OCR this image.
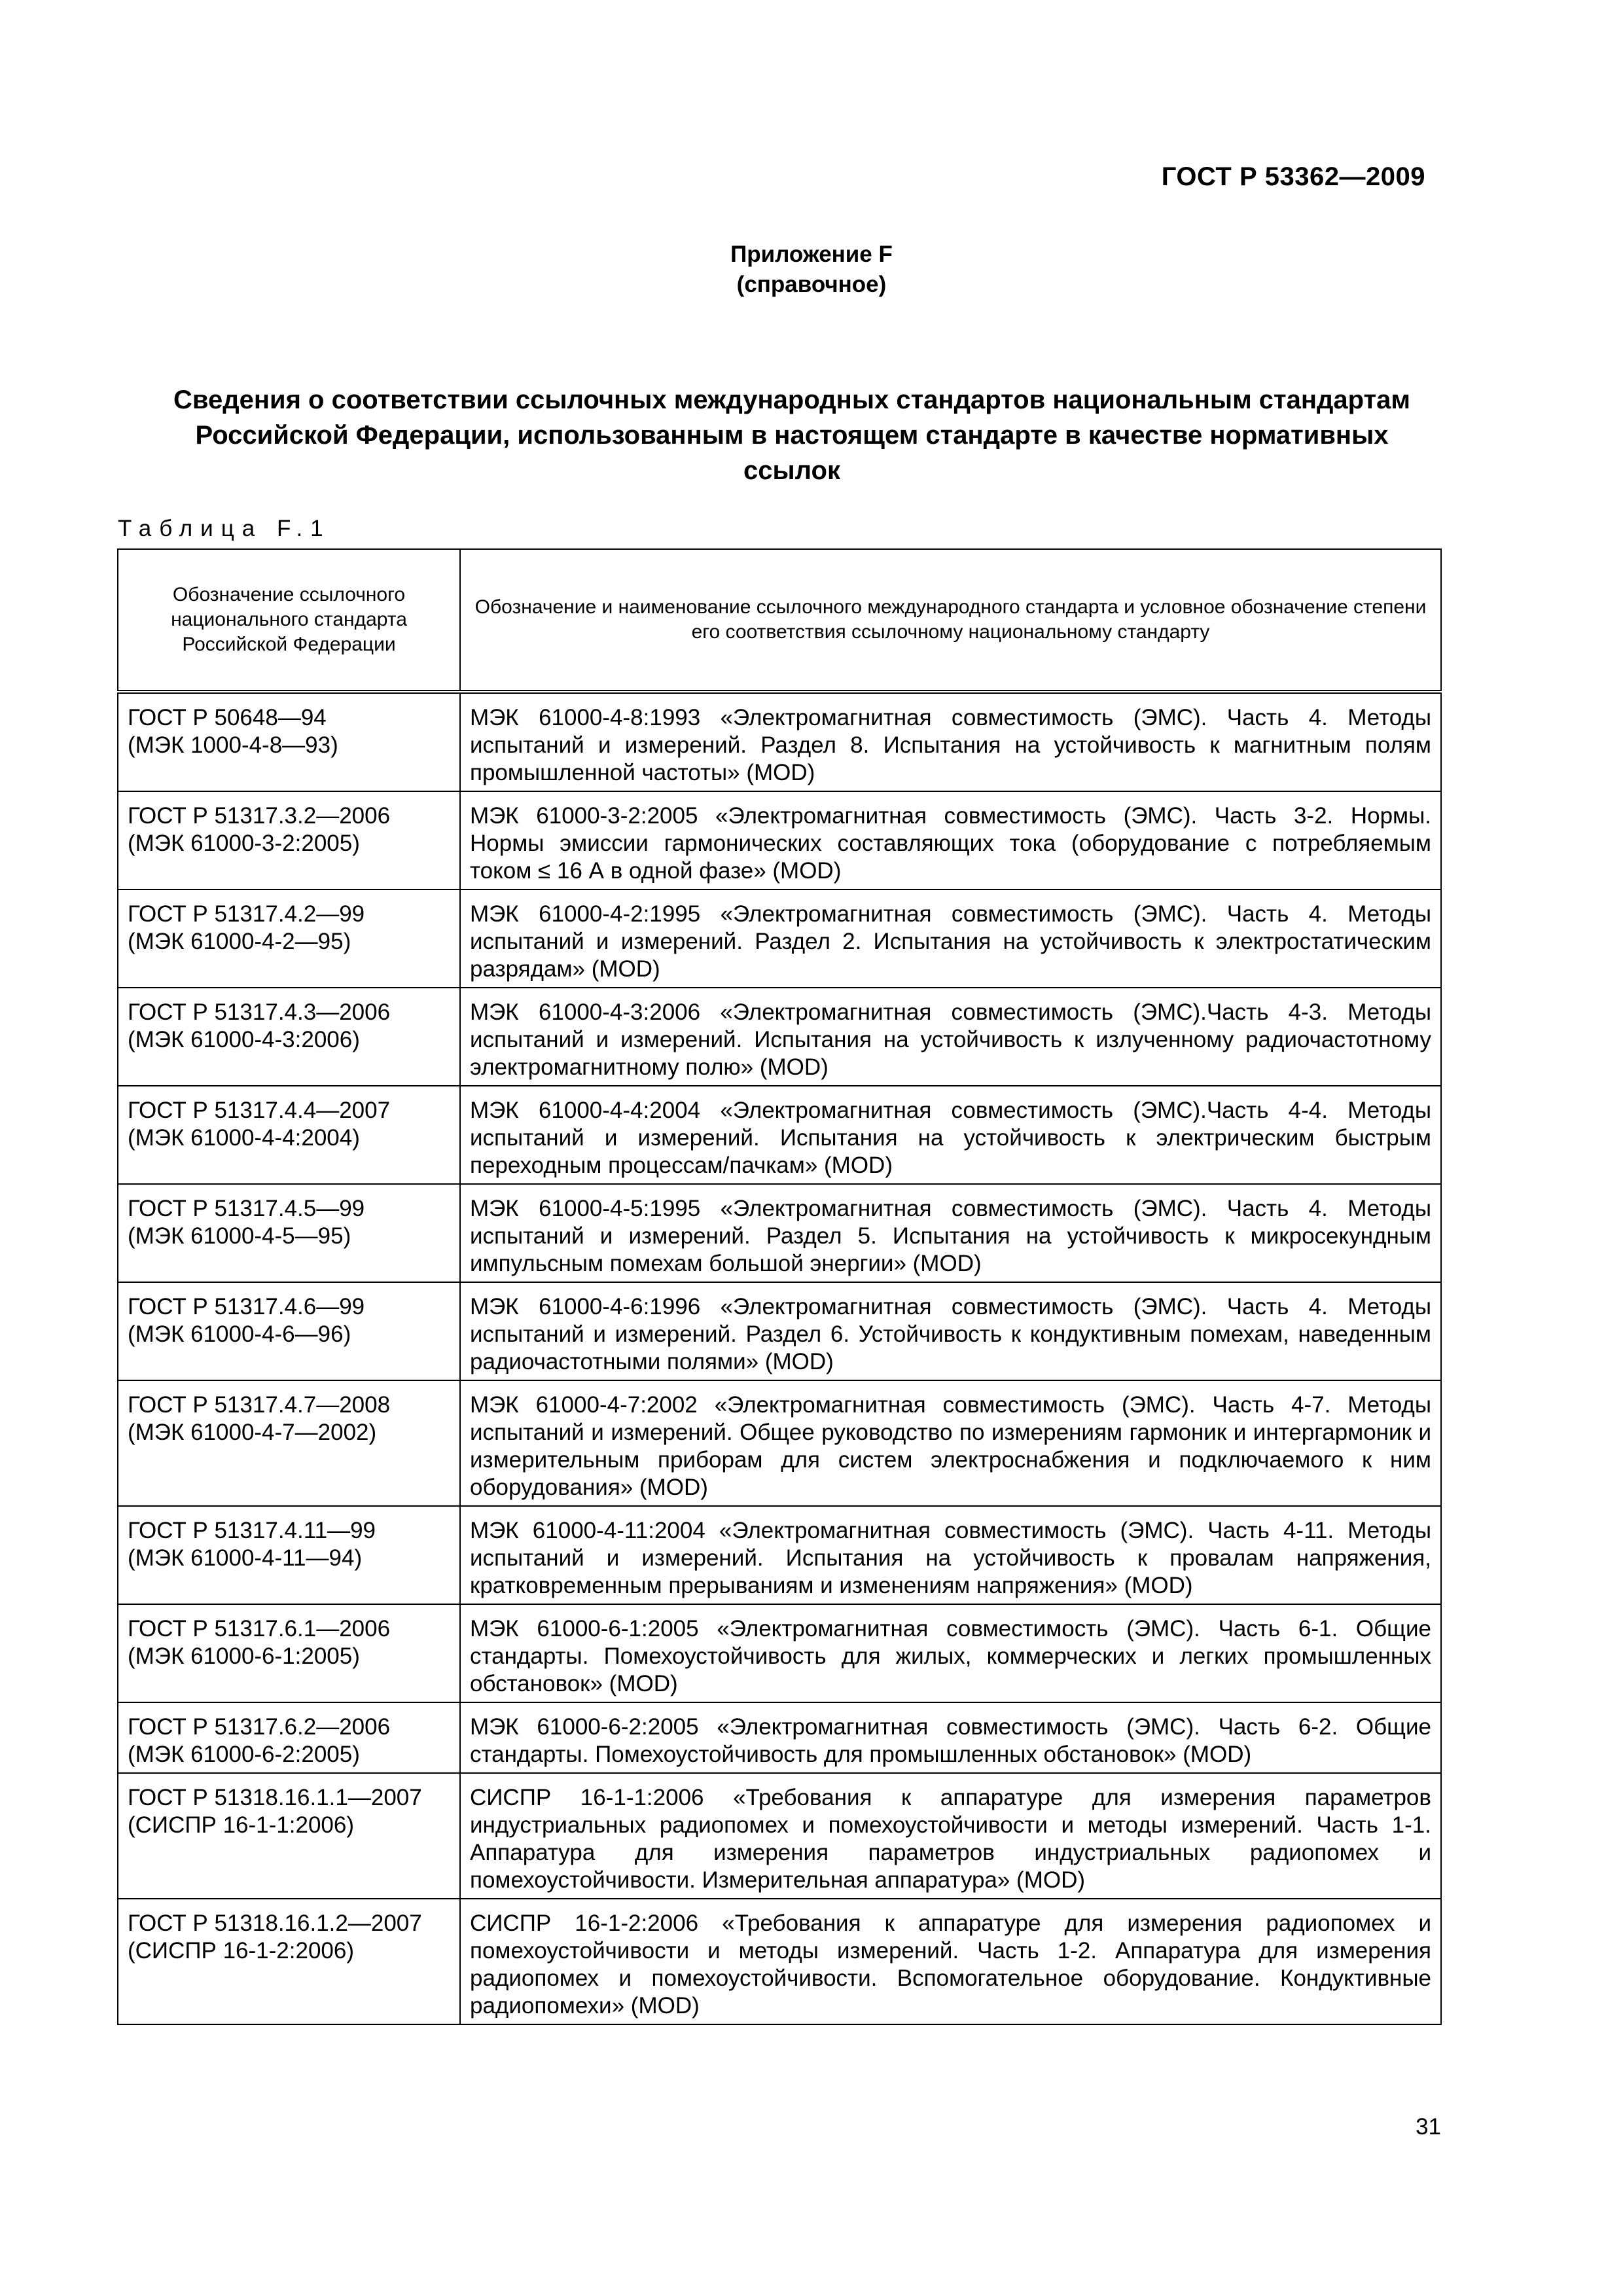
ГОСТ Р 53362—2009
Приложение F
(справочное)
Сведения о соответствии ссылочных международных стандартов национальным стандартам
Российской Федерации, использованным в настоящем стандарте в качестве нормативных
ссылок
Таблица F.1
Обозначение ссылочного национального стандарта Российской Федерации	Обозначение и наименование ссылочного международного стандарта и условное обозначение степени его соответствия ссылочному национальному стандарту

ГОСТ Р 50648—94
(МЭК 1000-4-8—93)	МЭК 61000-4-8:1993 «Электромагнитная совместимость (ЭМС). Часть 4. Методы испытаний и измерений. Раздел 8. Испытания на устойчивость к магнитным полям промышленной частоты» (MOD)

ГОСТ Р 51317.3.2—2006
(МЭК 61000-3-2:2005)	МЭК 61000-3-2:2005 «Электромагнитная совместимость (ЭМС). Часть 3-2. Нормы. Нормы эмиссии гармонических составляющих тока (оборудование с потребляемым током ≤ 16 А в одной фазе» (MOD)

ГОСТ Р 51317.4.2—99
(МЭК 61000-4-2—95)	МЭК 61000-4-2:1995 «Электромагнитная совместимость (ЭМС). Часть 4. Методы испытаний и измерений. Раздел 2. Испытания на устойчивость к электростатическим разрядам» (MOD)

ГОСТ Р 51317.4.3—2006
(МЭК 61000-4-3:2006)	МЭК 61000-4-3:2006 «Электромагнитная совместимость (ЭМС).Часть 4-3. Методы испытаний и измерений. Испытания на устойчивость к излученному радиочастотному электромагнитному полю» (MOD)

ГОСТ Р 51317.4.4—2007
(МЭК 61000-4-4:2004)	МЭК 61000-4-4:2004 «Электромагнитная совместимость (ЭМС).Часть 4-4. Методы испытаний и измерений. Испытания на устойчивость к электрическим быстрым переходным процессам/пачкам» (MOD)

ГОСТ Р 51317.4.5—99
(МЭК 61000-4-5—95)	МЭК 61000-4-5:1995 «Электромагнитная совместимость (ЭМС). Часть 4. Методы испытаний и измерений. Раздел 5. Испытания на устойчивость к микросекундным импульсным помехам большой энергии» (MOD)

ГОСТ Р 51317.4.6—99
(МЭК 61000-4-6—96)	МЭК 61000-4-6:1996 «Электромагнитная совместимость (ЭМС). Часть 4. Методы испытаний и измерений. Раздел 6. Устойчивость к кондуктивным помехам, наведенным радиочастотными полями» (MOD)

ГОСТ Р 51317.4.7—2008
(МЭК 61000-4-7—2002)	МЭК 61000-4-7:2002 «Электромагнитная совместимость (ЭМС). Часть 4-7. Методы испытаний и измерений. Общее руководство по измерениям гармоник и интергармоник и измерительным приборам для систем электроснабжения и подключаемого к ним оборудования» (MOD)

ГОСТ Р 51317.4.11—99
(МЭК 61000-4-11—94)	МЭК 61000-4-11:2004 «Электромагнитная совместимость (ЭМС). Часть 4-11. Методы испытаний и измерений. Испытания на устойчивость к провалам напряжения, кратковременным прерываниям и изменениям напряжения» (MOD)

ГОСТ Р 51317.6.1—2006
(МЭК 61000-6-1:2005)	МЭК 61000-6-1:2005 «Электромагнитная совместимость (ЭМС). Часть 6-1. Общие стандарты. Помехоустойчивость для жилых, коммерческих и легких промышленных обстановок» (MOD)

ГОСТ Р 51317.6.2—2006
(МЭК 61000-6-2:2005)	МЭК 61000-6-2:2005 «Электромагнитная совместимость (ЭМС). Часть 6-2. Общие стандарты. Помехоустойчивость для промышленных обстановок» (MOD)

ГОСТ Р 51318.16.1.1—2007
(СИСПР 16-1-1:2006)	СИСПР 16-1-1:2006 «Требования к аппаратуре для измерения параметров индустриальных радиопомех и помехоустойчивости и методы измерений. Часть 1-1. Аппаратура для измерения параметров индустриальных радиопомех и помехоустойчивости. Измерительная аппаратура» (MOD)

ГОСТ Р 51318.16.1.2—2007
(СИСПР 16-1-2:2006)	СИСПР 16-1-2:2006 «Требования к аппаратуре для измерения радиопомех и помехоустойчивости и методы измерений. Часть 1-2. Аппаратура для измерения радиопомех и помехоустойчивости. Вспомогательное оборудование. Кондуктивные радиопомехи» (MOD)
31
